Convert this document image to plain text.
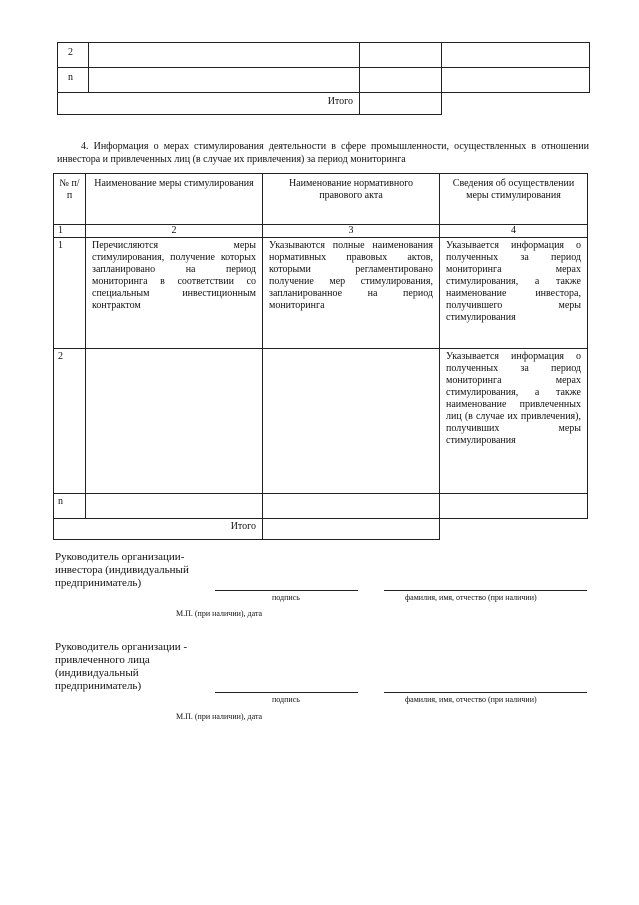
2			
n			
Итого			
4. Информация о мерах стимулирования деятельности в сфере промышленности, осуществленных в отношении инвестора и привлеченных лиц (в случае их привлечения) за период мониторинга
№ п/п	Наименование меры стимулирования	Наименование нормативного правового акта	Сведения об осуществлении меры стимулирования
1	2	3	4
1	Перечисляются меры стимулирования, получение которых запланировано на период мониторинга в соответствии со специальным инвестиционным контрактом	Указываются полные наименования нормативных правовых актов, которыми регламентировано получение мер стимулирования, запланированное на период мониторинга	Указывается информация о полученных за период мониторинга мерах стимулирования, а также наименование инвестора, получившего меры стимулирования
2			Указывается информация о полученных за период мониторинга мерах стимулирования, а также наименование привлеченных лиц (в случае их привлечения), получивших меры стимулирования
n			
Итого			
Руководитель организации-инвестора (индивидуальный предприниматель)
подпись	фамилия, имя, отчество (при наличии)
М.П. (при наличии), дата
Руководитель организации - привлеченного лица (индивидуальный предприниматель)
подпись	фамилия, имя, отчество (при наличии)
М.П. (при наличии), дата
